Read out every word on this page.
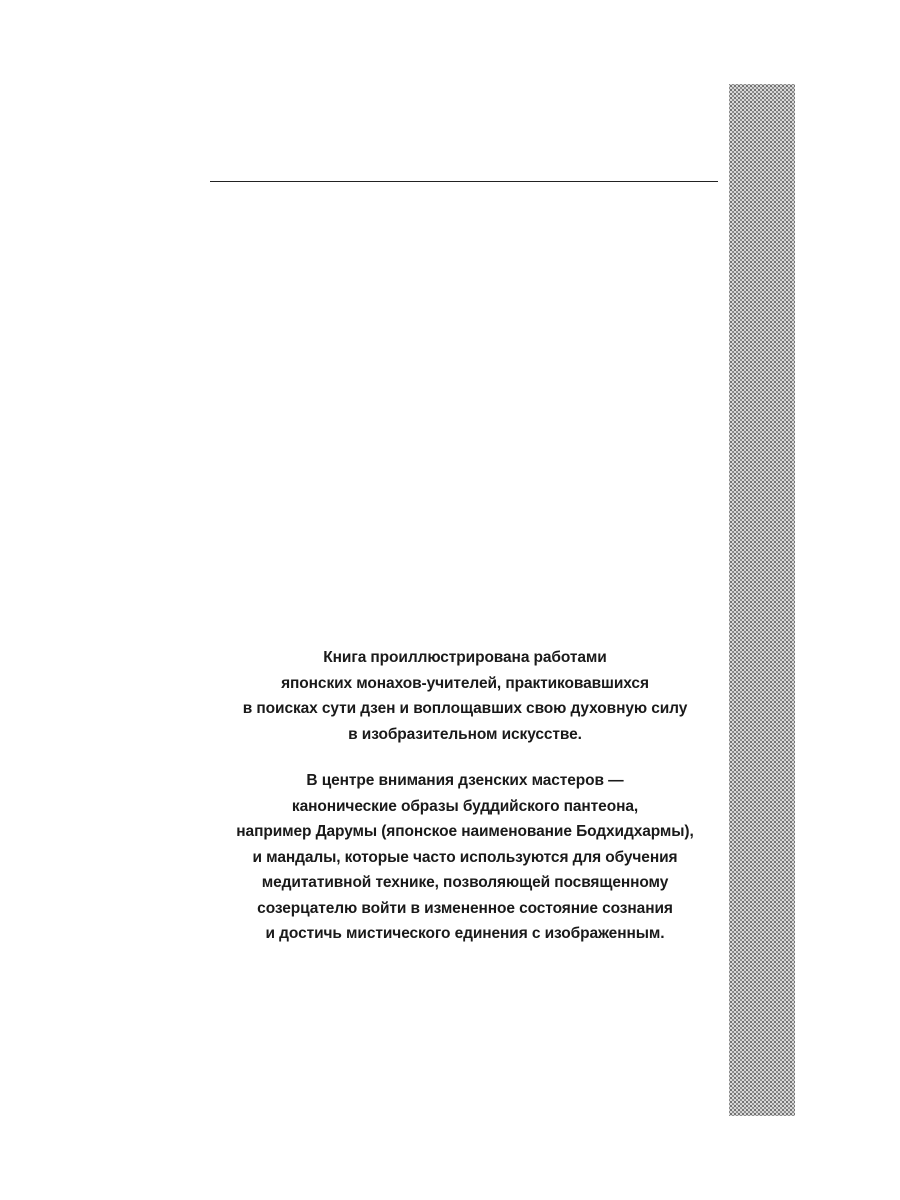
Книга проиллюстрирована работами
японских монахов-учителей, практиковавшихся
в поисках сути дзен и воплощавших свою духовную силу
в изобразительном искусстве.
В центре внимания дзенских мастеров —
канонические образы буддийского пантеона,
например Дарумы (японское наименование Бодхидхармы),
и мандалы, которые часто используются для обучения
медитативной технике, позволяющей посвященному
созерцателю войти в измененное состояние сознания
и достичь мистического единения с изображенным.
